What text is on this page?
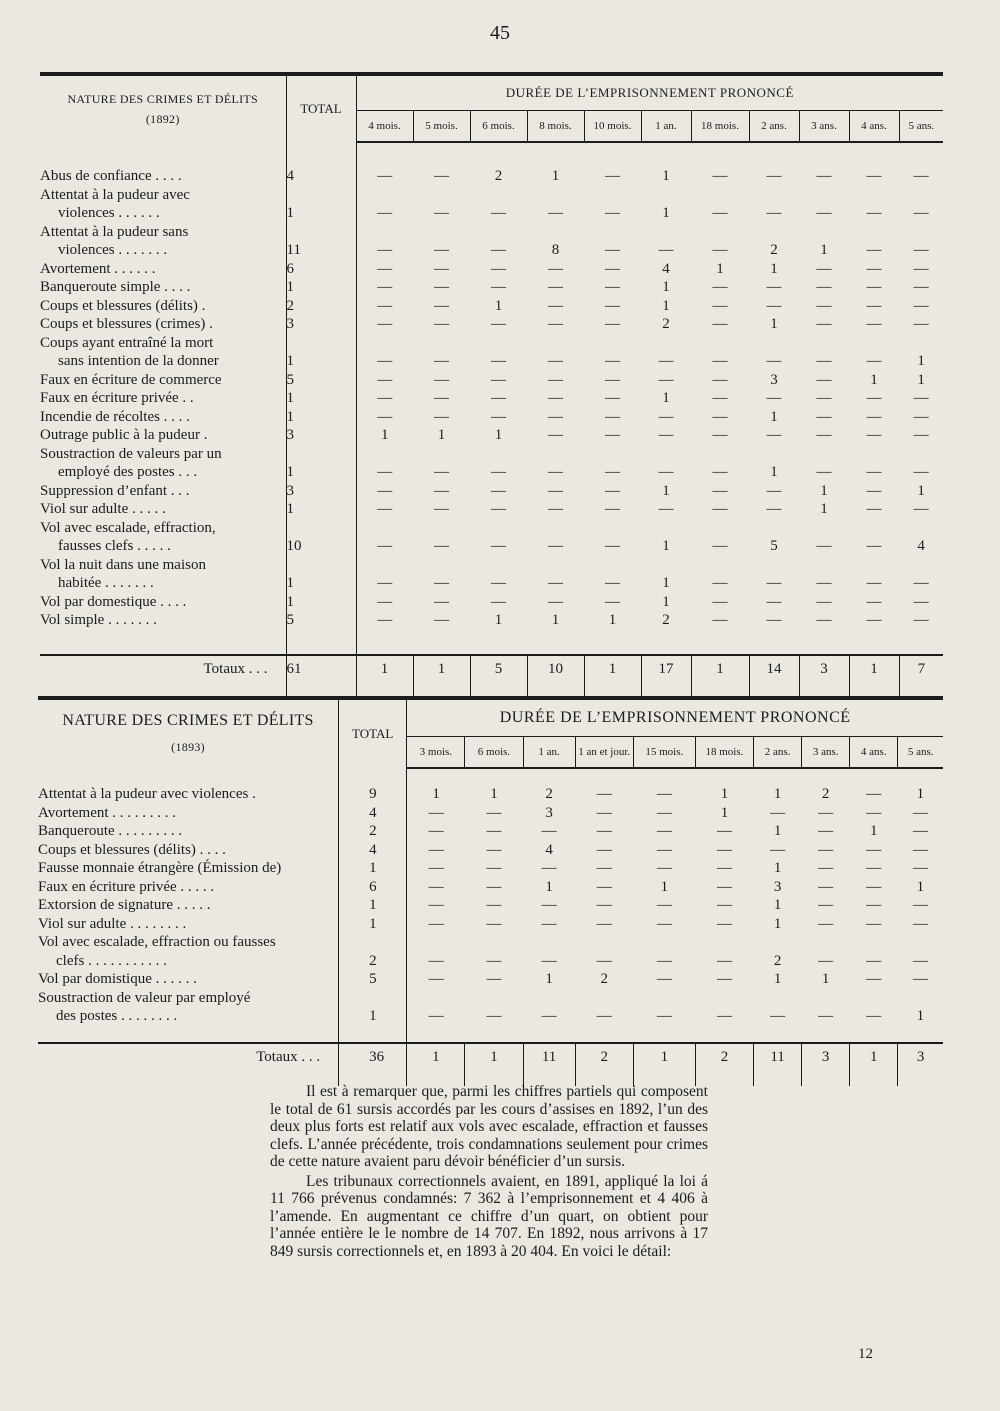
45
NATURE DES CRIMES ET DÉLITS
(1892)	TOTAL	DURÉE DE L’EMPRISONNEMENT PRONONCÉ										
		4 mois.	5 mois.	6 mois.	8 mois.	10 mois.	1 an.	18 mois.	2 ans.	3 ans.	4 ans.	5 ans.

Abus de confiance . . . .	4	—	—	2	1	—	1	—	—	—	—	—

Attentat à la pudeur avec
violences . . . . . .	1	—	—	—	—	—	1	—	—	—	—	—

Attentat à la pudeur sans
violences . . . . . . .	11	—	—	—	8	—	—	—	2	1	—	—

Avortement . . . . . .	6	—	—	—	—	—	4	1	1	—	—	—

Banqueroute simple . . . .	1	—	—	—	—	—	1	—	—	—	—	—

Coups et blessures (délits) .	2	—	—	1	—	—	1	—	—	—	—	—

Coups et blessures (crimes) .	3	—	—	—	—	—	2	—	1	—	—	—

Coups ayant entraîné la mort
sans intention de la donner	1	—	—	—	—	—	—	—	—	—	—	1

Faux en écriture de commerce	5	—	—	—	—	—	—	—	3	—	1	1

Faux en écriture privée . .	1	—	—	—	—	—	1	—	—	—	—	—

Incendie de récoltes . . . .	1	—	—	—	—	—	—	—	1	—	—	—

Outrage public à la pudeur .	3	1	1	1	—	—	—	—	—	—	—	—

Soustraction de valeurs par un
employé des postes . . .	1	—	—	—	—	—	—	—	1	—	—	—

Suppression d’enfant . . .	3	—	—	—	—	—	1	—	—	1	—	1

Viol sur adulte . . . . .	1	—	—	—	—	—	—	—	—	1	—	—

Vol avec escalade, effraction,
fausses clefs . . . . .	10	—	—	—	—	—	1	—	5	—	—	4

Vol la nuit dans une maison
habitée . . . . . . .	1	—	—	—	—	—	1	—	—	—	—	—

Vol par domestique . . . .	1	—	—	—	—	—	1	—	—	—	—	—

Vol simple . . . . . . .	5	—	—	1	1	1	2	—	—	—	—	—

Totaux . . .	61	1	1	5	10	1	17	1	14	3	1	7

NATURE DES CRIMES ET DÉLITS
(1893)	TOTAL	DURÉE DE L’EMPRISONNEMENT PRONONCÉ									
		3 mois.	6 mois.	1 an.	1 an et jour.	15 mois.	18 mois.	2 ans.	3 ans.	4 ans.	5 ans.

Attentat à la pudeur avec violences .	9	1	1	2	—	—	1	1	2	—	1

Avortement . . . . . . . . .	4	—	—	3	—	—	1	—	—	—	—

Banqueroute . . . . . . . . .	2	—	—	—	—	—	—	1	—	1	—

Coups et blessures (délits) . . . .	4	—	—	4	—	—	—	—	—	—	—

Fausse monnaie étrangère (Émission de)	1	—	—	—	—	—	—	1	—	—	—

Faux en écriture privée . . . . .	6	—	—	1	—	1	—	3	—	—	1

Extorsion de signature . . . . .	1	—	—	—	—	—	—	1	—	—	—

Viol sur adulte . . . . . . . .	1	—	—	—	—	—	—	1	—	—	—

Vol avec escalade, effraction ou fausses
clefs . . . . . . . . . . .	2	—	—	—	—	—	—	2	—	—	—

Vol par domistique . . . . . .	5	—	—	1	2	—	—	1	1	—	—

Soustraction de valeur par employé
des postes . . . . . . . .	1	—	—	—	—	—	—	—	—	—	1

Totaux . . .	36	1	1	11	2	1	2	11	3	1	3

Il est à remarquer que, parmi les chiffres partiels qui composent le total de 61 sursis accordés par les cours d’assises en 1892, l’un des deux plus forts est relatif aux vols avec escalade, effraction et fausses clefs. L’année précédente, trois condamnations seulement pour crimes de cette nature avaient paru dévoir bénéficier d’un sursis.

Les tribunaux correctionnels avaient, en 1891, appliqué la loi á 11 766 prévenus condamnés: 7 362 à l’emprisonnement et 4 406 à l’amende. En augmentant ce chiffre d’un quart, on obtient pour l’année entière le le nombre de 14 707. En 1892, nous arrivons à 17 849 sursis correctionnels et, en 1893 à 20 404. En voici le détail:

12
